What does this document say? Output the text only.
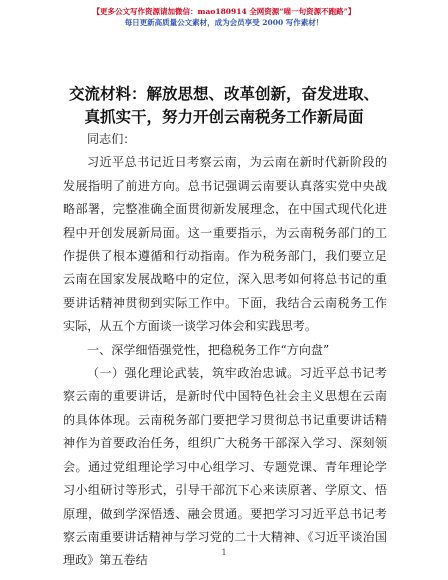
【更多公文写作资源请加微信：mao180914 全网资源“喵一句资源不跑路”】
每日更新高质量公文素材，成为会员享受 2000 写作素材！
交流材料：解放思想、改革创新，奋发进取、
真抓实干，努力开创云南税务工作新局面

同志们：

习近平总书记近日考察云南，为云南在新时代新阶段的发展指明了前进方向。总书记强调云南要认真落实党中央战略部署，完整准确全面贯彻新发展理念，在中国式现代化进程中开创发展新局面。这一重要指示，为云南税务部门的工作提供了根本遵循和行动指南。作为税务部门，我们要立足云南在国家发展战略中的定位，深入思考如何将总书记的重要讲话精神贯彻到实际工作中。下面，我结合云南税务工作实际，从五个方面谈一谈学习体会和实践思考。

一、深学细悟强党性，把稳税务工作“方向盘”

（一）强化理论武装，筑牢政治忠诚。习近平总书记考察云南的重要讲话，是新时代中国特色社会主义思想在云南的具体体现。云南税务部门要把学习贯彻总书记重要讲话精神作为首要政治任务，组织广大税务干部深入学习、深刻领会。通过党组理论学习中心组学习、专题党课、青年理论学习小组研讨等形式，引导干部沉下心来读原著、学原文、悟原理，做到学深悟透、融会贯通。要把学习习近平总书记考察云南重要讲话精神与学习党的二十大精神、《习近平谈治国理政》第五卷结

1
